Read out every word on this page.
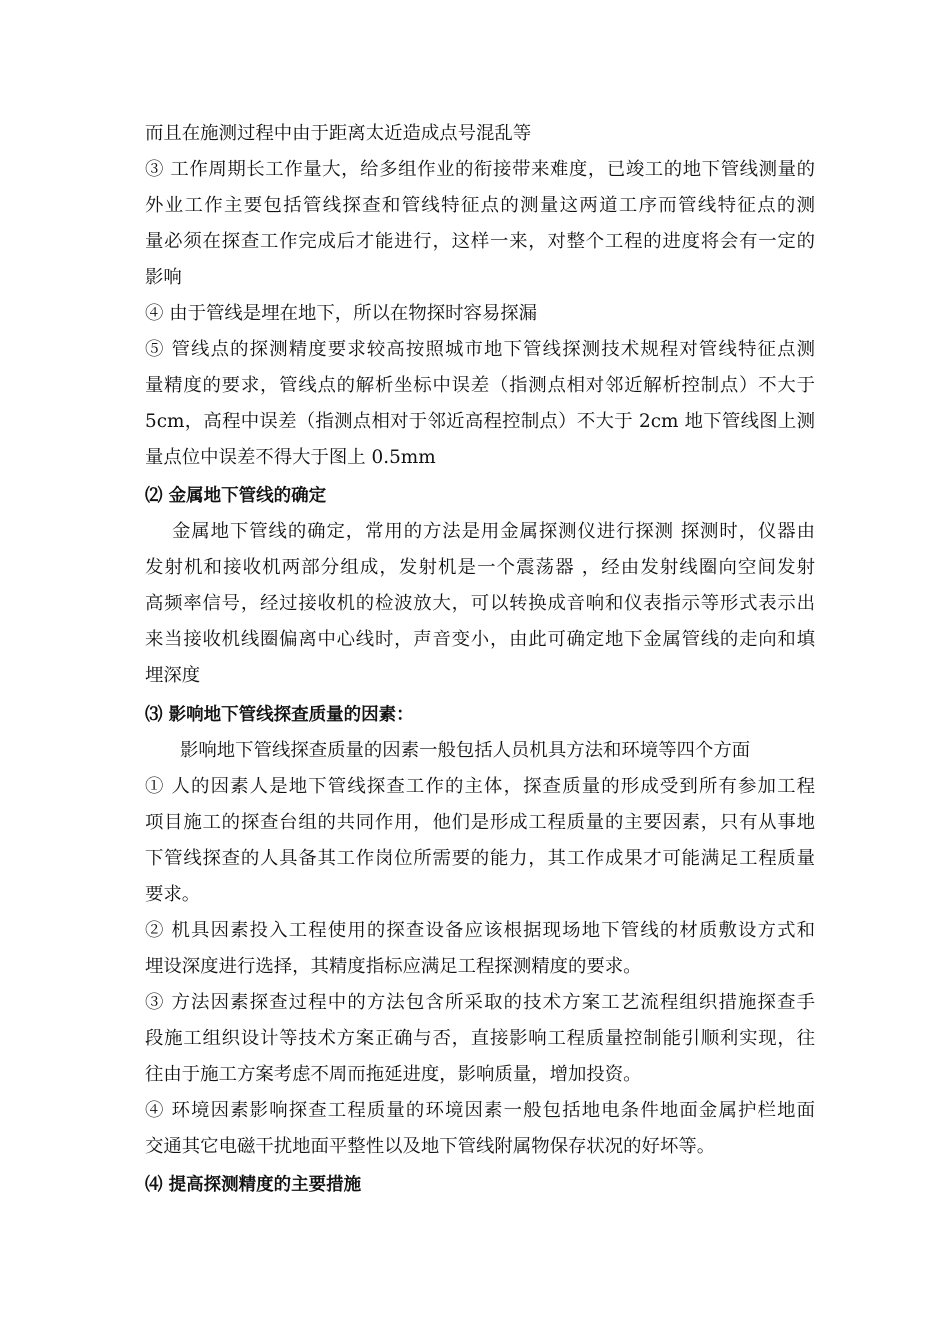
而且在施测过程中由于距离太近造成点号混乱等

③ 工作周期长工作量大，给多组作业的衔接带来难度，已竣工的地下管线测量的

外业工作主要包括管线探查和管线特征点的测量这两道工序而管线特征点的测

量必须在探查工作完成后才能进行，这样一来，对整个工程的进度将会有一定的

影响

④ 由于管线是埋在地下，所以在物探时容易探漏

⑤ 管线点的探测精度要求较高按照城市地下管线探测技术规程对管线特征点测

量精度的要求，管线点的解析坐标中误差（指测点相对邻近解析控制点）不大于

5cm，高程中误差（指测点相对于邻近高程控制点）不大于 2cm 地下管线图上测

量点位中误差不得大于图上 0.5mm

⑵ 金属地下管线的确定

金属地下管线的确定，常用的方法是用金属探测仪进行探测 探测时，仪器由

发射机和接收机两部分组成，发射机是一个震荡器 ，经由发射线圈向空间发射

高频率信号，经过接收机的检波放大，可以转换成音响和仪表指示等形式表示出

来当接收机线圈偏离中心线时，声音变小，由此可确定地下金属管线的走向和填

埋深度

⑶ 影响地下管线探查质量的因素：

影响地下管线探查质量的因素一般包括人员机具方法和环境等四个方面

① 人的因素人是地下管线探查工作的主体，探查质量的形成受到所有参加工程

项目施工的探查台组的共同作用，他们是形成工程质量的主要因素，只有从事地

下管线探查的人具备其工作岗位所需要的能力，其工作成果才可能满足工程质量

要求。

② 机具因素投入工程使用的探查设备应该根据现场地下管线的材质敷设方式和

埋设深度进行选择，其精度指标应满足工程探测精度的要求。

③ 方法因素探查过程中的方法包含所采取的技术方案工艺流程组织措施探查手

段施工组织设计等技术方案正确与否，直接影响工程质量控制能引顺利实现，往

往由于施工方案考虑不周而拖延进度，影响质量，增加投资。

④ 环境因素影响探查工程质量的环境因素一般包括地电条件地面金属护栏地面

交通其它电磁干扰地面平整性以及地下管线附属物保存状况的好坏等。

⑷ 提高探测精度的主要措施
